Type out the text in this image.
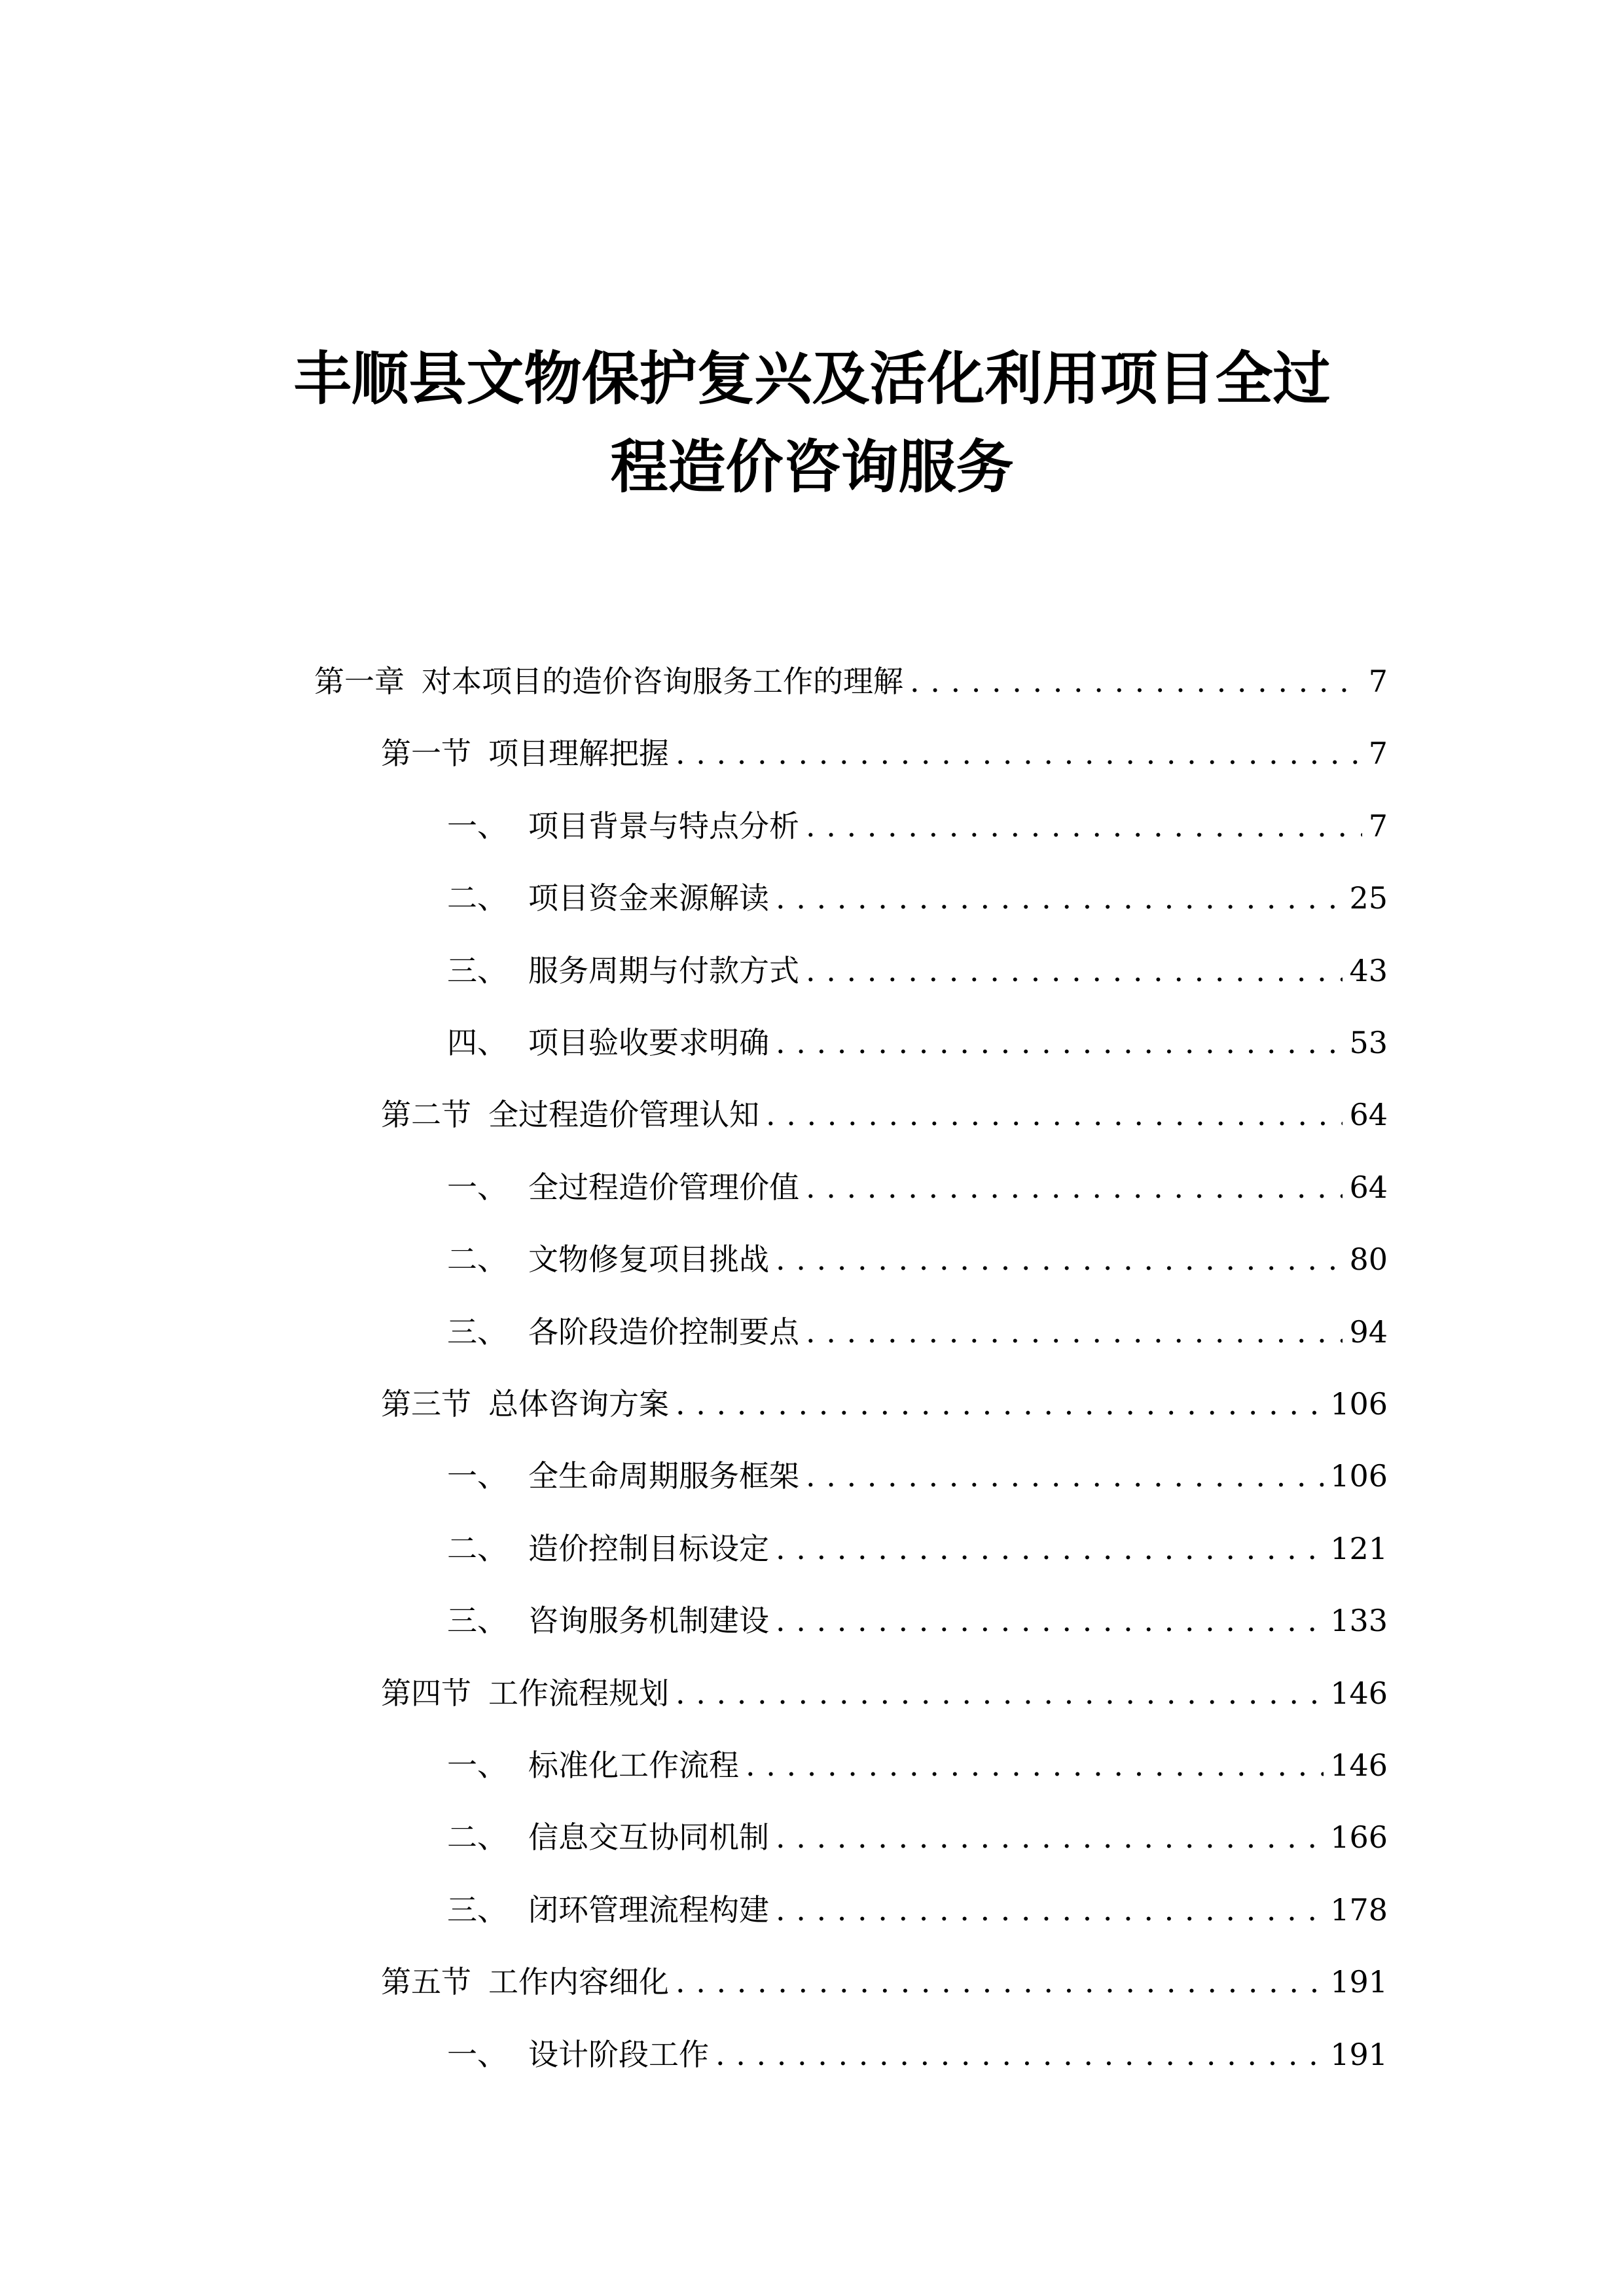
丰顺县文物保护复兴及活化利用项目全过
程造价咨询服务
第一章 对本项目的造价咨询服务工作的理解 . . .	7
第一节 项目理解把握 . . .	7
一、 项目背景与特点分析 . . .	7
二、 项目资金来源解读 . . .	25
三、 服务周期与付款方式 . . .	43
四、 项目验收要求明确 . . .	53
第二节 全过程造价管理认知 . . .	64
一、 全过程造价管理价值 . . .	64
二、 文物修复项目挑战 . . .	80
三、 各阶段造价控制要点 . . .	94
第三节 总体咨询方案 . . .	106
一、 全生命周期服务框架 . . .	106
二、 造价控制目标设定 . . .	121
三、 咨询服务机制建设 . . .	133
第四节 工作流程规划 . . .	146
一、 标准化工作流程 . . .	146
二、 信息交互协同机制 . . .	166
三、 闭环管理流程构建 . . .	178
第五节 工作内容细化 . . .	191
一、 设计阶段工作 . . .	191
